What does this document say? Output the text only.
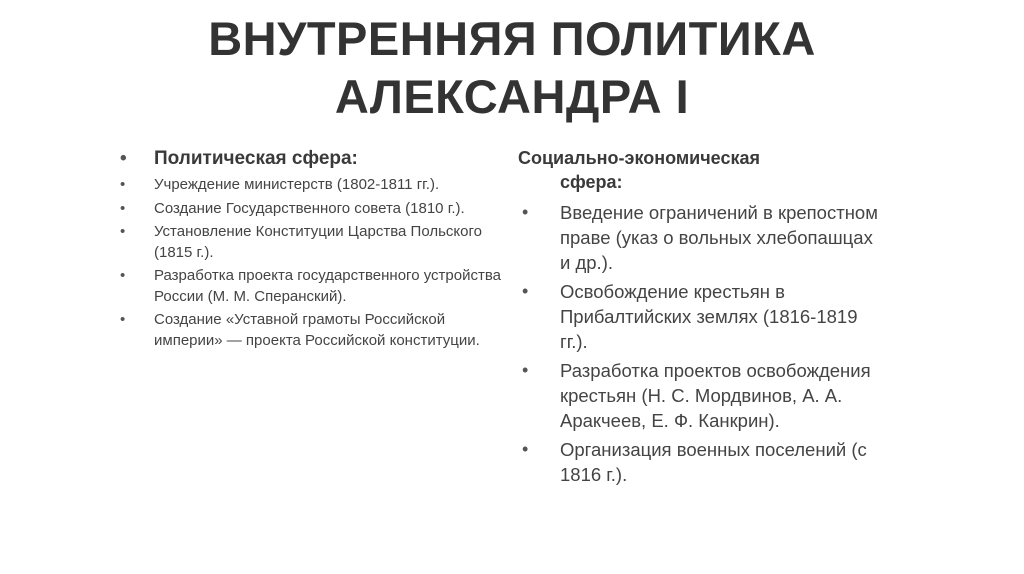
ВНУТРЕННЯЯ ПОЛИТИКА
АЛЕКСАНДРА I
• Политическая сфера:
• Учреждение министерств (1802-1811 гг.).
• Создание Государственного совета (1810 г.).
• Установление Конституции Царства Польского (1815 г.).
• Разработка проекта государственного устройства России (М. М. Сперанский).
• Создание «Уставной грамоты Российской империи» — проекта Российской конституции.
Социально-экономическая
сфера:
• Введение ограничений в крепостном праве (указ о вольных хлебопашцах и др.).
• Освобождение крестьян в Прибалтийских землях (1816-1819 гг.).
• Разработка проектов освобождения крестьян (Н. С. Мордвинов, А. А. Аракчеев, Е. Ф. Канкрин).
• Организация военных поселений (с 1816 г.).
